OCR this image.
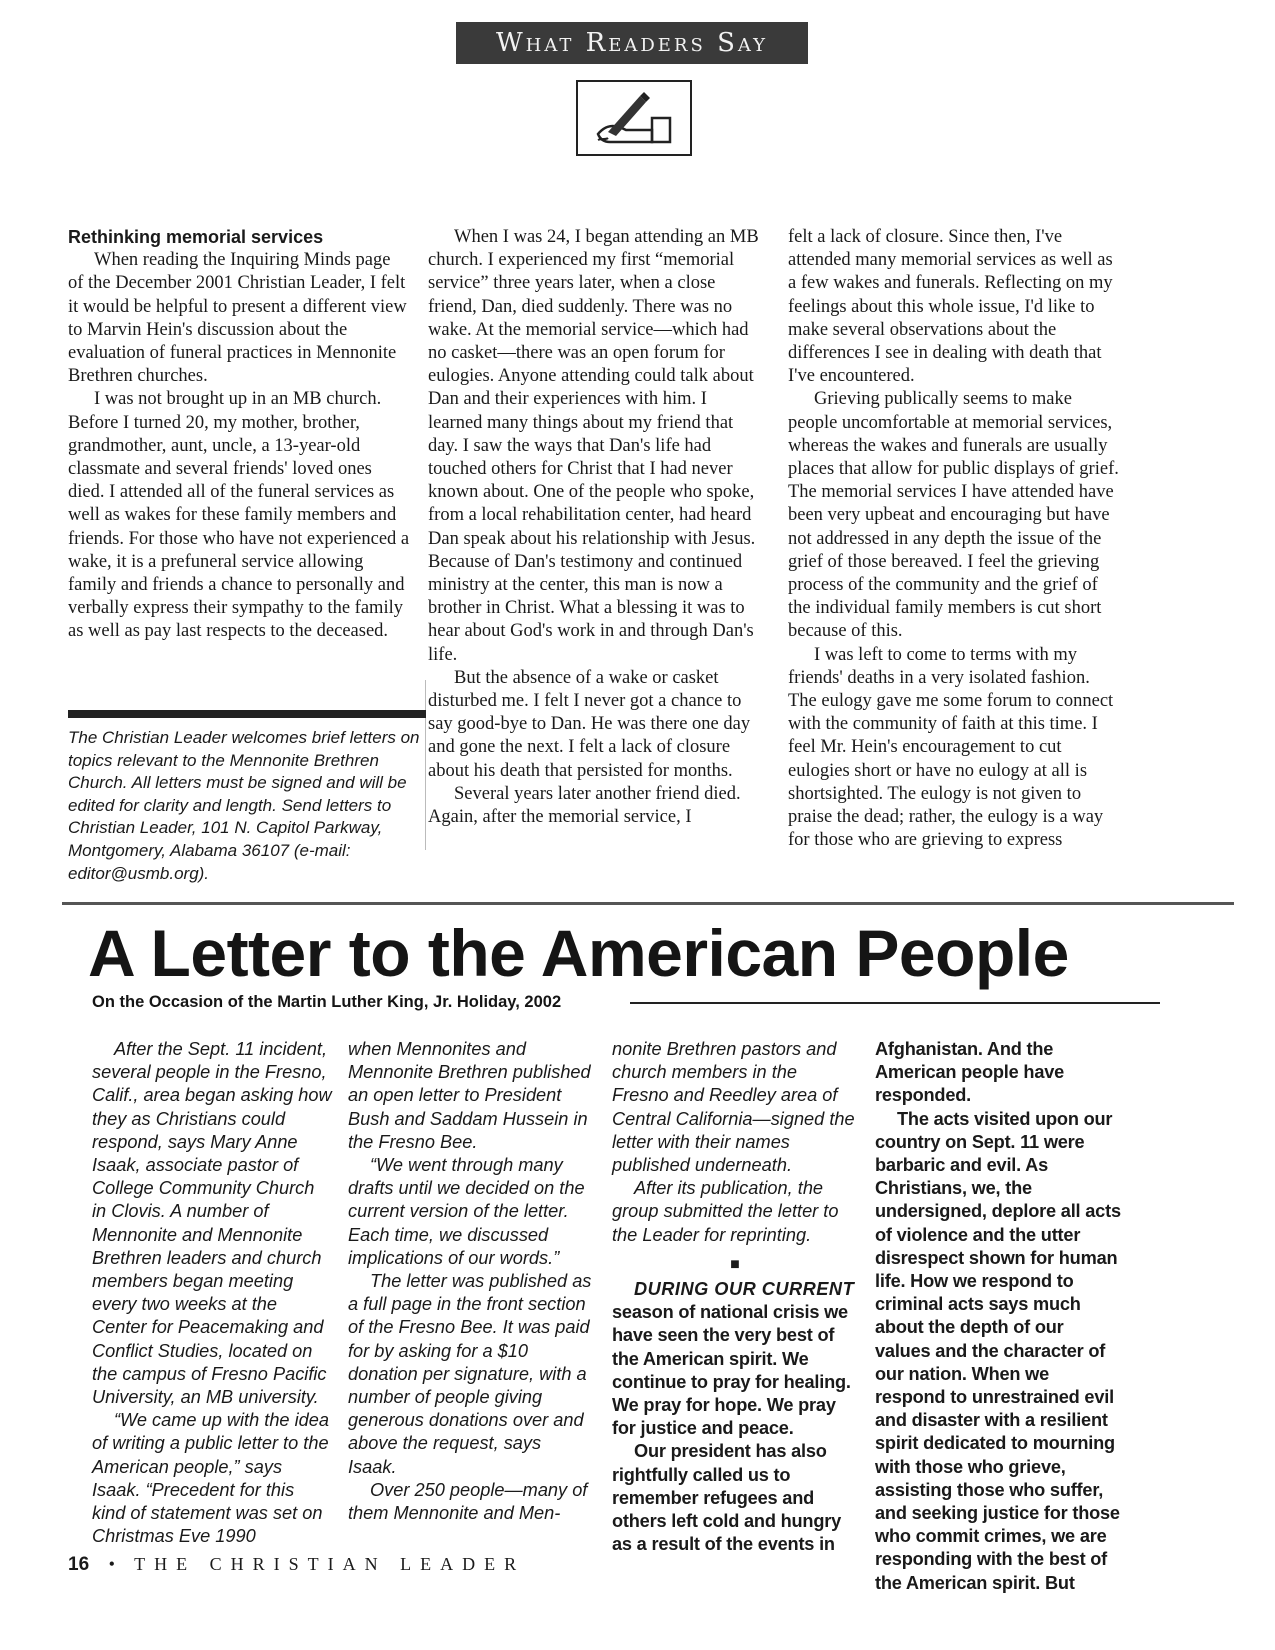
What Readers Say
Rethinking memorial services

When reading the Inquiring Minds page of the December 2001 Christian Leader, I felt it would be helpful to present a different view to Marvin Hein's discussion about the evaluation of funeral practices in Mennonite Brethren churches.

I was not brought up in an MB church. Before I turned 20, my mother, brother, grandmother, aunt, uncle, a 13-year-old classmate and several friends' loved ones died. I attended all of the funeral services as well as wakes for these family members and friends. For those who have not experienced a wake, it is a prefuneral service allowing family and friends a chance to personally and verbally express their sympathy to the family as well as pay last respects to the deceased.

The Christian Leader welcomes brief letters on topics relevant to the Mennonite Brethren Church. All letters must be signed and will be edited for clarity and length. Send letters to Christian Leader, 101 N. Capitol Parkway, Montgomery, Alabama 36107 (e-mail: editor@usmb.org).

When I was 24, I began attending an MB church. I experienced my first “memorial service” three years later, when a close friend, Dan, died suddenly. There was no wake. At the memorial service—which had no casket—there was an open forum for eulogies. Anyone attending could talk about Dan and their experiences with him. I learned many things about my friend that day. I saw the ways that Dan's life had touched others for Christ that I had never known about. One of the people who spoke, from a local rehabilitation center, had heard Dan speak about his relationship with Jesus. Because of Dan's testimony and continued ministry at the center, this man is now a brother in Christ. What a blessing it was to hear about God's work in and through Dan's life.

But the absence of a wake or casket disturbed me. I felt I never got a chance to say good-bye to Dan. He was there one day and gone the next. I felt a lack of closure about his death that persisted for months.

Several years later another friend died. Again, after the memorial service, I

felt a lack of closure. Since then, I've attended many memorial services as well as a few wakes and funerals. Reflecting on my feelings about this whole issue, I'd like to make several observations about the differences I see in dealing with death that I've encountered.

Grieving publically seems to make people uncomfortable at memorial services, whereas the wakes and funerals are usually places that allow for public displays of grief. The memorial services I have attended have been very upbeat and encouraging but have not addressed in any depth the issue of the grief of those bereaved. I feel the grieving process of the community and the grief of the individual family members is cut short because of this.

I was left to come to terms with my friends' deaths in a very isolated fashion. The eulogy gave me some forum to connect with the community of faith at this time. I feel Mr. Hein's encouragement to cut eulogies short or have no eulogy at all is shortsighted. The eulogy is not given to praise the dead; rather, the eulogy is a way for those who are grieving to express

A Letter to the American People
On the Occasion of the Martin Luther King, Jr. Holiday, 2002

After the Sept. 11 incident, several people in the Fresno, Calif., area began asking how they as Christians could respond, says Mary Anne Isaak, associate pastor of College Community Church in Clovis. A number of Mennonite and Mennonite Brethren leaders and church members began meeting every two weeks at the Center for Peacemaking and Conflict Studies, located on the campus of Fresno Pacific University, an MB university.

“We came up with the idea of writing a public letter to the American people,” says Isaak. “Precedent for this kind of statement was set on Christmas Eve 1990

when Mennonites and Mennonite Brethren published an open letter to President Bush and Saddam Hussein in the Fresno Bee.

“We went through many drafts until we decided on the current version of the letter. Each time, we discussed implications of our words.”

The letter was published as a full page in the front section of the Fresno Bee. It was paid for by asking for a $10 donation per signature, with a number of people giving generous donations over and above the request, says Isaak.

Over 250 people—many of them Mennonite and Men-

nonite Brethren pastors and church members in the Fresno and Reedley area of Central California—signed the letter with their names published underneath.

After its publication, the group submitted the letter to the Leader for reprinting.

■

DURING OUR CURRENT

season of national crisis we have seen the very best of the American spirit. We continue to pray for healing. We pray for hope. We pray for justice and peace.

Our president has also rightfully called us to remember refugees and others left cold and hungry as a result of the events in

Afghanistan. And the American people have responded.

The acts visited upon our country on Sept. 11 were barbaric and evil. As Christians, we, the undersigned, deplore all acts of violence and the utter disrespect shown for human life. How we respond to criminal acts says much about the depth of our values and the character of our nation. When we respond to unrestrained evil and disaster with a resilient spirit dedicated to mourning with those who grieve, assisting those who suffer, and seeking justice for those who commit crimes, we are responding with the best of the American spirit. But

16 • THE CHRISTIAN LEADER
